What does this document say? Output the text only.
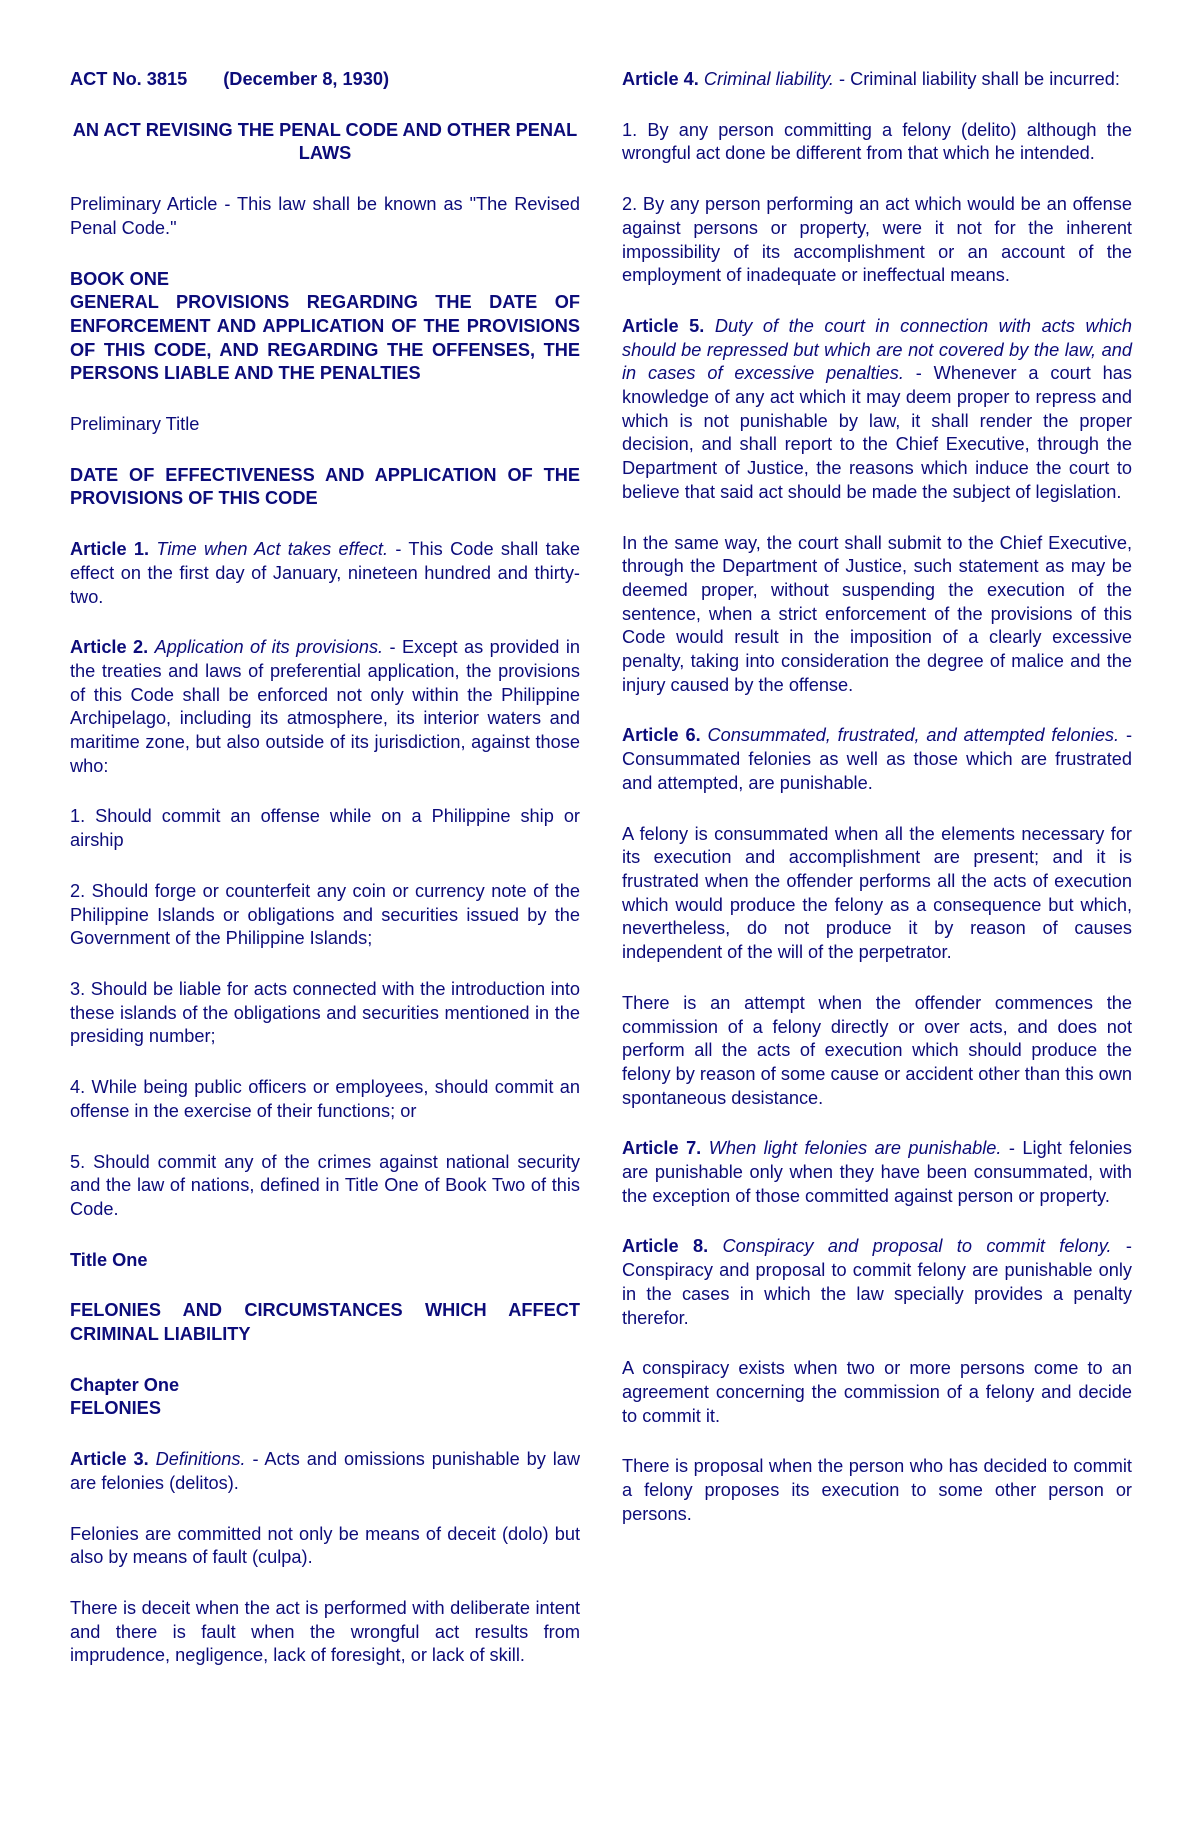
ACT No. 3815 (December 8, 1930)

AN ACT REVISING THE PENAL CODE AND OTHER PENAL LAWS

Preliminary Article - This law shall be known as "The Revised Penal Code."

BOOK ONE

GENERAL PROVISIONS REGARDING THE DATE OF ENFORCEMENT AND APPLICATION OF THE PROVISIONS OF THIS CODE, AND REGARDING THE OFFENSES, THE PERSONS LIABLE AND THE PENALTIES

Preliminary Title

DATE OF EFFECTIVENESS AND APPLICATION OF THE PROVISIONS OF THIS CODE

Article 1. Time when Act takes effect. - This Code shall take effect on the first day of January, nineteen hundred and thirty-two.

Article 2. Application of its provisions. - Except as provided in the treaties and laws of preferential application, the provisions of this Code shall be enforced not only within the Philippine Archipelago, including its atmosphere, its interior waters and maritime zone, but also outside of its jurisdiction, against those who:

1. Should commit an offense while on a Philippine ship or airship

2. Should forge or counterfeit any coin or currency note of the Philippine Islands or obligations and securities issued by the Government of the Philippine Islands;

3. Should be liable for acts connected with the introduction into these islands of the obligations and securities mentioned in the presiding number;

4. While being public officers or employees, should commit an offense in the exercise of their functions; or

5. Should commit any of the crimes against national security and the law of nations, defined in Title One of Book Two of this Code.

Title One

FELONIES AND CIRCUMSTANCES WHICH AFFECT CRIMINAL LIABILITY

Chapter One

FELONIES

Article 3. Definitions. - Acts and omissions punishable by law are felonies (delitos).

Felonies are committed not only be means of deceit (dolo) but also by means of fault (culpa).

There is deceit when the act is performed with deliberate intent and there is fault when the wrongful act results from imprudence, negligence, lack of foresight, or lack of skill.

Article 4. Criminal liability. - Criminal liability shall be incurred:

1. By any person committing a felony (delito) although the wrongful act done be different from that which he intended.

2. By any person performing an act which would be an offense against persons or property, were it not for the inherent impossibility of its accomplishment or an account of the employment of inadequate or ineffectual means.

Article 5. Duty of the court in connection with acts which should be repressed but which are not covered by the law, and in cases of excessive penalties. - Whenever a court has knowledge of any act which it may deem proper to repress and which is not punishable by law, it shall render the proper decision, and shall report to the Chief Executive, through the Department of Justice, the reasons which induce the court to believe that said act should be made the subject of legislation.

In the same way, the court shall submit to the Chief Executive, through the Department of Justice, such statement as may be deemed proper, without suspending the execution of the sentence, when a strict enforcement of the provisions of this Code would result in the imposition of a clearly excessive penalty, taking into consideration the degree of malice and the injury caused by the offense.

Article 6. Consummated, frustrated, and attempted felonies. - Consummated felonies as well as those which are frustrated and attempted, are punishable.

A felony is consummated when all the elements necessary for its execution and accomplishment are present; and it is frustrated when the offender performs all the acts of execution which would produce the felony as a consequence but which, nevertheless, do not produce it by reason of causes independent of the will of the perpetrator.

There is an attempt when the offender commences the commission of a felony directly or over acts, and does not perform all the acts of execution which should produce the felony by reason of some cause or accident other than this own spontaneous desistance.

Article 7. When light felonies are punishable. - Light felonies are punishable only when they have been consummated, with the exception of those committed against person or property.

Article 8. Conspiracy and proposal to commit felony. - Conspiracy and proposal to commit felony are punishable only in the cases in which the law specially provides a penalty therefor.

A conspiracy exists when two or more persons come to an agreement concerning the commission of a felony and decide to commit it.

There is proposal when the person who has decided to commit a felony proposes its execution to some other person or persons.
